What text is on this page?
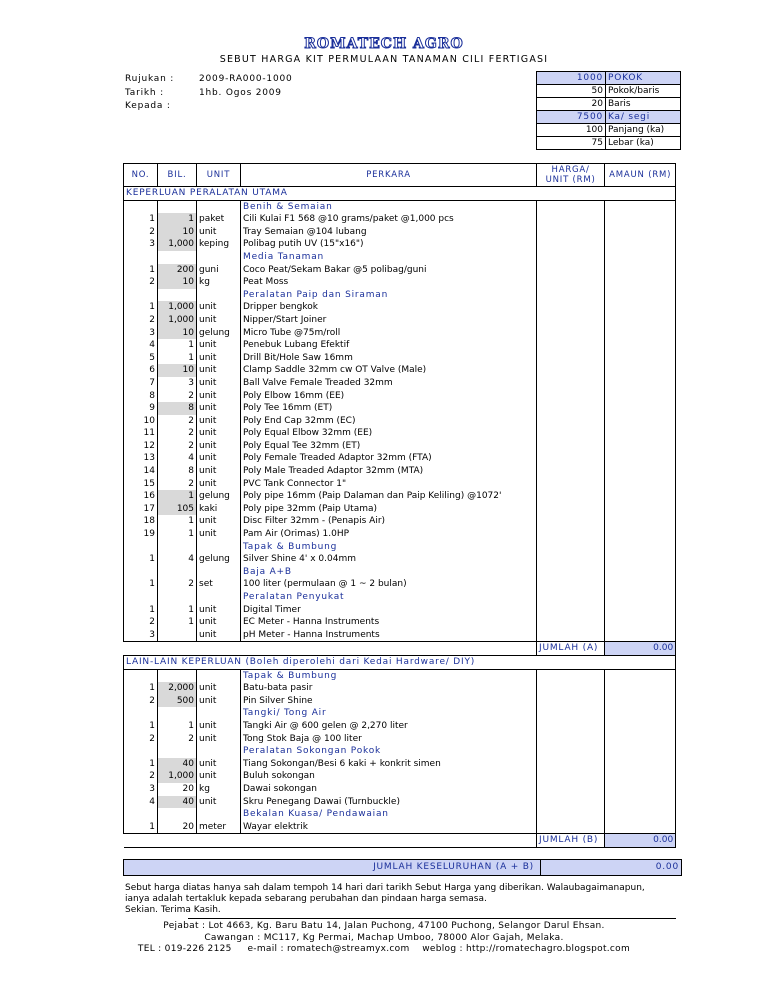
ROMATECH AGRO
SEBUT HARGA KIT PERMULAAN TANAMAN CILI FERTIGASI
Rujukan :	2009-RA000-1000
Tarikh :	1hb. Ogos 2009
Kepada :
1000	POKOK
50	Pokok/baris
20	Baris
7500	Ka/ segi
100	Panjang (ka)
75	Lebar (ka)
NO.	BIL.	UNIT	PERKARA	HARGA/ UNIT (RM)	AMAUN (RM)
KEPERLUAN PERALATAN UTAMA					
			Benih & Semaian		
1	1	paket	Cili Kulai F1 568 @10 grams/paket @1,000 pcs		
2	10	unit	Tray Semaian @104 lubang		
3	1,000	keping	Polibag putih UV (15"x16")		
			Media Tanaman		
1	200	guni	Coco Peat/Sekam Bakar @5 polibag/guni		
2	10	kg	Peat Moss		
			Peralatan Paip dan Siraman		
1	1,000	unit	Dripper bengkok		
2	1,000	unit	Nipper/Start Joiner		
3	10	gelung	Micro Tube @75m/roll		
4	1	unit	Penebuk Lubang Efektif		
5	1	unit	Drill Bit/Hole Saw 16mm		
6	10	unit	Clamp Saddle 32mm cw OT Valve (Male)		
7	3	unit	Ball Valve Female Treaded 32mm		
8	2	unit	Poly Elbow 16mm (EE)		
9	8	unit	Poly Tee 16mm (ET)		
10	2	unit	Poly End Cap 32mm (EC)		
11	2	unit	Poly Equal Elbow 32mm (EE)		
12	2	unit	Poly Equal Tee 32mm (ET)		
13	4	unit	Poly Female Treaded Adaptor 32mm (FTA)		
14	8	unit	Poly Male Treaded Adaptor 32mm (MTA)		
15	2	unit	PVC Tank Connector 1"		
16	1	gelung	Poly pipe 16mm (Paip Dalaman dan Paip Keliling) @1072'		
17	105	kaki	Poly pipe 32mm (Paip Utama)		
18	1	unit	Disc Filter 32mm - (Penapis Air)		
19	1	unit	Pam Air (Orimas) 1.0HP		
			Tapak & Bumbung		
1	4	gelung	Silver Shine 4' x 0.04mm		
			Baja A+B		
1	2	set	100 liter (permulaan @ 1 ~ 2 bulan)		
			Peralatan Penyukat		
1	1	unit	Digital Timer		
2	1	unit	EC Meter - Hanna Instruments		
3		unit	pH Meter - Hanna Instruments		
				JUMLAH (A)	0.00
LAIN-LAIN KEPERLUAN (Boleh diperolehi dari Kedai Hardware/ DIY)					
			Tapak & Bumbung		
1	2,000	unit	Batu-bata pasir		
2	500	unit	Pin Silver Shine		
			Tangki/ Tong Air		
1	1	unit	Tangki Air @ 600 gelen @ 2,270 liter		
2	2	unit	Tong Stok Baja @ 100 liter		
			Peralatan Sokongan Pokok		
1	40	unit	Tiang Sokongan/Besi 6 kaki + konkrit simen		
2	1,000	unit	Buluh sokongan		
3	20	kg	Dawai sokongan		
4	40	unit	Skru Penegang Dawai (Turnbuckle)		
			Bekalan Kuasa/ Pendawaian		
1	20	meter	Wayar elektrik		
				JUMLAH (B)	0.00
JUMLAH KESELURUHAN (A + B)	0.00
Sebut harga diatas hanya sah dalam tempoh 14 hari dari tarikh Sebut Harga yang diberikan. Walaubagaimanapun,
ianya adalah tertakluk kepada sebarang perubahan dan pindaan harga semasa.
Sekian. Terima Kasih.
Pejabat : Lot 4663, Kg. Baru Batu 14, Jalan Puchong, 47100 Puchong, Selangor Darul Ehsan.
Cawangan : MC117, Kg Permai, Machap Umboo, 78000 Alor Gajah, Melaka.
TEL : 019-226 2125     e-mail : romatech@streamyx.com    weblog : http://romatechagro.blogspot.com
